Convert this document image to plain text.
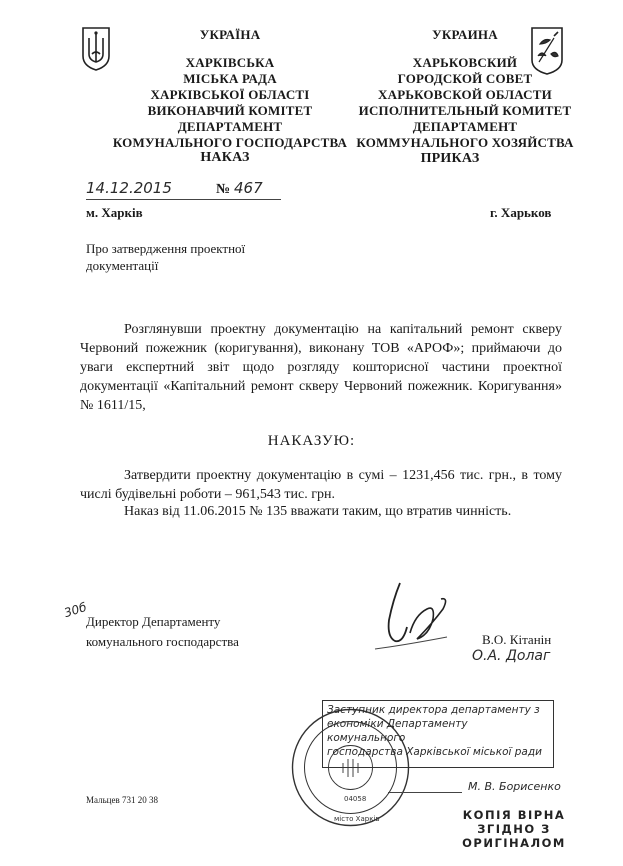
УКРАЇНА
ХАРКІВСЬКА
МІСЬКА РАДА
ХАРКІВСЬКОЇ ОБЛАСТІ
ВИКОНАВЧИЙ КОМІТЕТ
ДЕПАРТАМЕНТ
КОМУНАЛЬНОГО ГОСПОДАРСТВА
НАКАЗ
УКРАИНА
ХАРЬКОВСКИЙ
ГОРОДСКОЙ СОВЕТ
ХАРЬКОВСКОЙ ОБЛАСТИ
ИСПОЛНИТЕЛЬНЫЙ КОМИТЕТ
ДЕПАРТАМЕНТ
КОММУНАЛЬНОГО ХОЗЯЙСТВА
ПРИКАЗ
14.12.2015	№ 467
м. Харків	г. Харьков
Про затвердження проектної
документації
Розглянувши проектну документацію на капітальний ремонт скверу Червоний пожежник (коригування), виконану ТОВ «АРОФ»; приймаючи до уваги експертний звіт щодо розгляду кошторисної частини проектної документації «Капітальний ремонт скверу Червоний пожежник. Коригування» № 1611/15,
НАКАЗУЮ:
Затвердити проектну документацію в сумі – 1231,456 тис. грн., в тому числі будівельні роботи – 961,543 тис. грн.
Наказ від 11.06.2015 № 135 вважати таким, що втратив чинність.
30б
Директор Департаменту
комунального господарства	В.О. Кітанін
О.А. Долаг
04058
місто Харків
Заступник директора департаменту з
економіки Департаменту комунального
господарства Харківської міської ради
М. В. Борисенко
КОПІЯ ВІРНА
ЗГІДНО З
ОРИГІНАЛОМ
Мальцев 731 20 38
